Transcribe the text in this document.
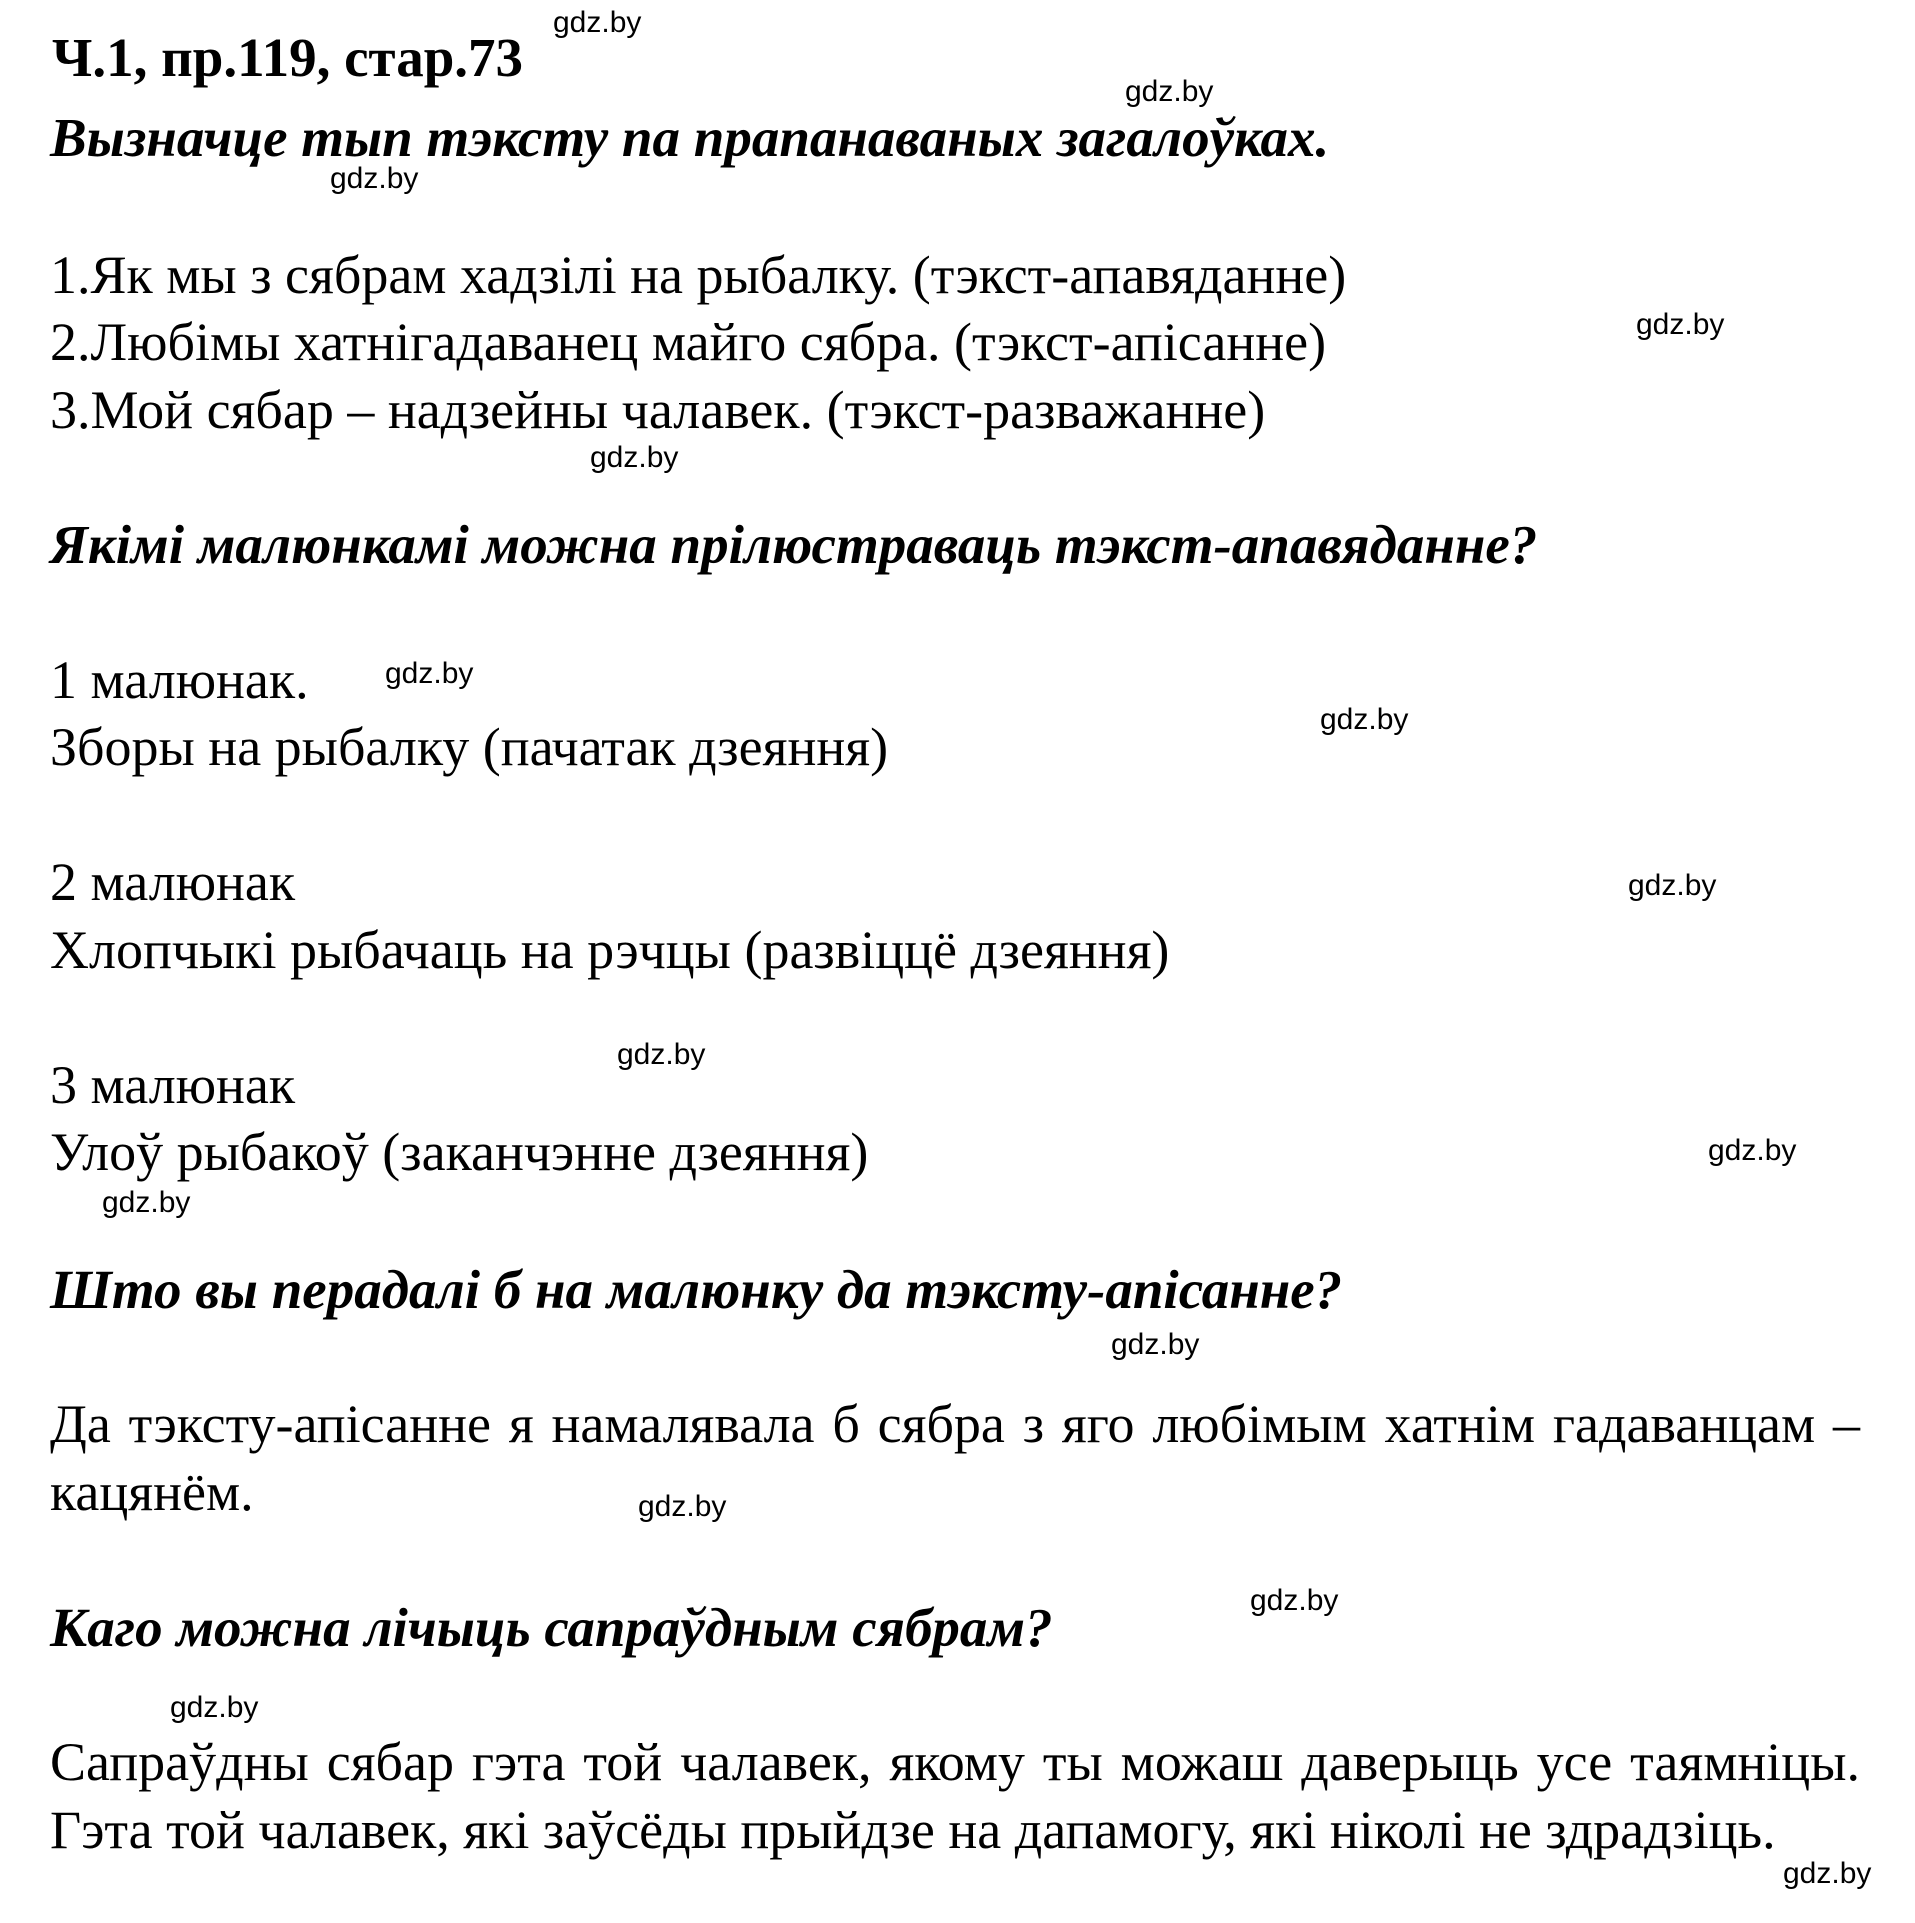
Ч.1, пр.119, стар.73
Вызначце тып тэксту па прапанаваных загалоўках.
1.Як мы з сябрам хадзілі на рыбалку. (тэкст-апавяданне)
2.Любімы хатнігадаванец майго сябра. (тэкст-апісанне)
3.Мой сябар – надзейны чалавек. (тэкст-разважанне)
Якімі малюнкамі можна прілюстраваць тэкст-апавяданне?
1 малюнак.
Зборы на рыбалку (пачатак дзеяння)
2 малюнак
Хлопчыкі рыбачаць на рэчцы (развіццё дзеяння)
3 малюнак
Улоў рыбакоў (заканчэнне дзеяння)
Што вы перадалі б на малюнку да тэксту-апісанне?
Да тэксту-апісанне я намалявала б сябра з яго любімым хатнім гадаванцам – кацянём.
Каго можна лічыць сапраўдным сябрам?
Сапраўдны сябар гэта той чалавек, якому ты можаш даверыць усе таямніцы. Гэта той чалавек, які заўсёды прыйдзе на дапамогу, які ніколі не здрадзіць.
gdz.by
gdz.by
gdz.by
gdz.by
gdz.by
gdz.by
gdz.by
gdz.by
gdz.by
gdz.by
gdz.by
gdz.by
gdz.by
gdz.by
gdz.by
gdz.by
